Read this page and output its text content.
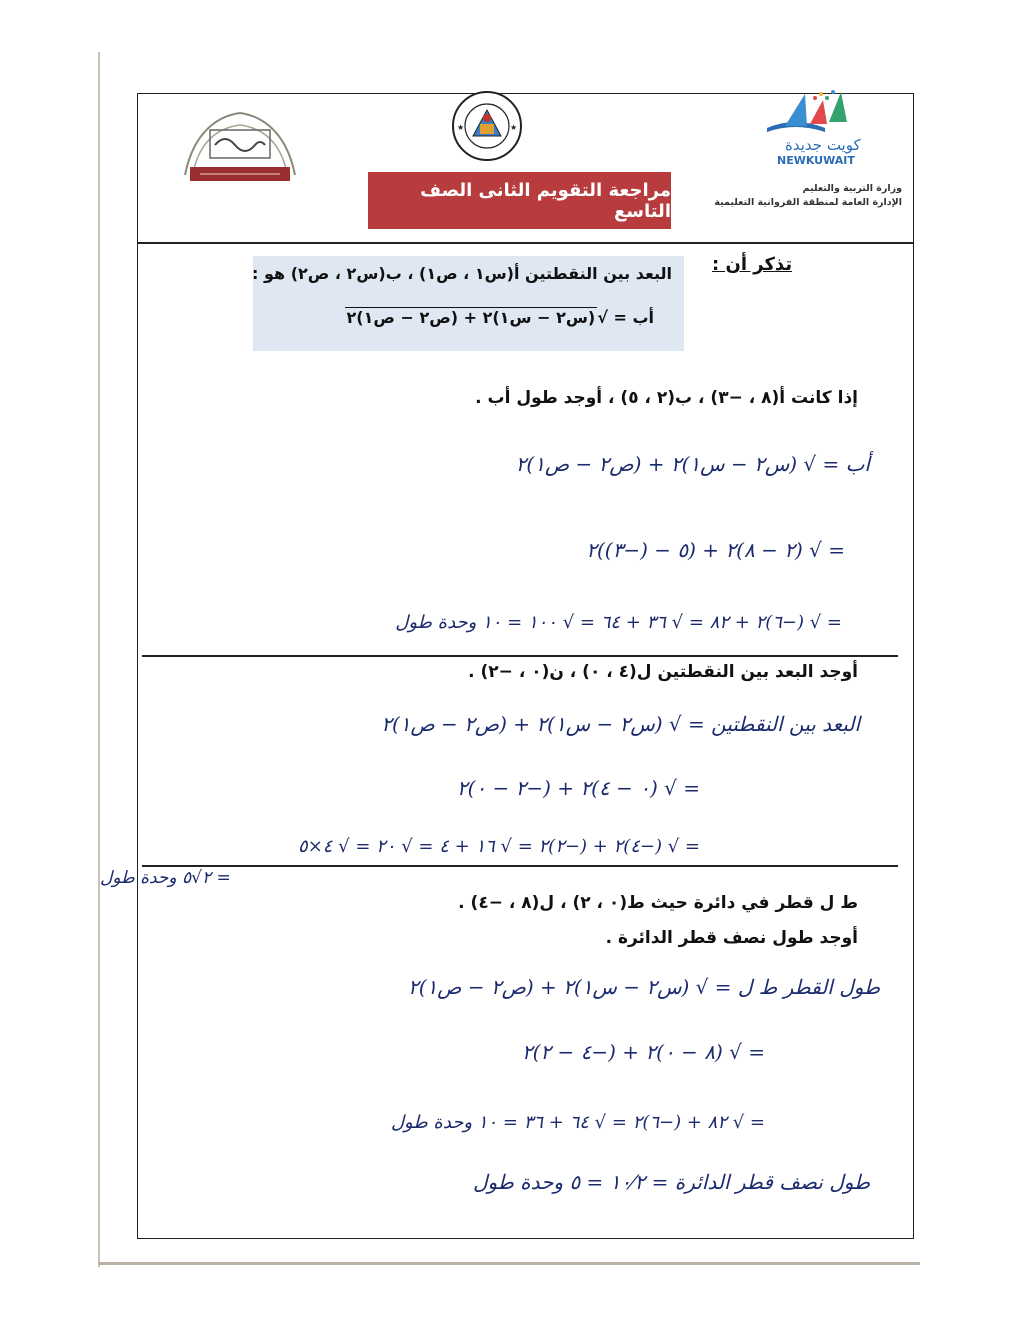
★	★
كويت جديدة
NEWKUWAIT
وزارة التربية والتعليم
الإدارة العامة لمنطقة الفروانية التعليمية
مراجعة التقويم الثانى الصف التاسع
تذكر أن :
البعد بين النقطتين أ(س١ ، ص١) ، ب(س٢ ، ص٢) هو :
أب = √(س٢ − س١)٢ + (ص٢ − ص١)٢
إذا كانت أ(٨ ، −٣) ، ب(٢ ، ٥) ، أوجد طول أب .
أب = √ (س٢ − س١)٢ + (ص٢ − ص١)٢
= √ (٢ − ٨)٢ + (٥ − (−٣))٢
= √ (−٦)٢ + ٨٢ = √ ٣٦ + ٦٤ = √ ١٠٠ = ١٠ وحدة طول
أوجد البعد بين النقطتين ل(٤ ، ٠) ، ن(٠ ، −٢) .
البعد بين النقطتين = √ (س٢ − س١)٢ + (ص٢ − ص١)٢
= √ (٠ − ٤)٢ + (−٢ − ٠)٢
= √ (−٤)٢ + (−٢)٢ = √ ١٦ + ٤ = √ ٢٠ = √ ٤×٥
= ٢√٥ وحدة طول
ط ل قطر في دائرة حيث ط(٠ ، ٢) ، ل(٨ ، −٤) .
أوجد طول نصف قطر الدائرة .
طول القطر ط ل = √ (س٢ − س١)٢ + (ص٢ − ص١)٢
= √ (٨ − ٠)٢ + (−٤ − ٢)٢
= √ ٨٢ + (−٦)٢ = √ ٦٤ + ٣٦ = ١٠ وحدة طول
طول نصف قطر الدائرة = ١٠⁄٢ = ٥ وحدة طول
